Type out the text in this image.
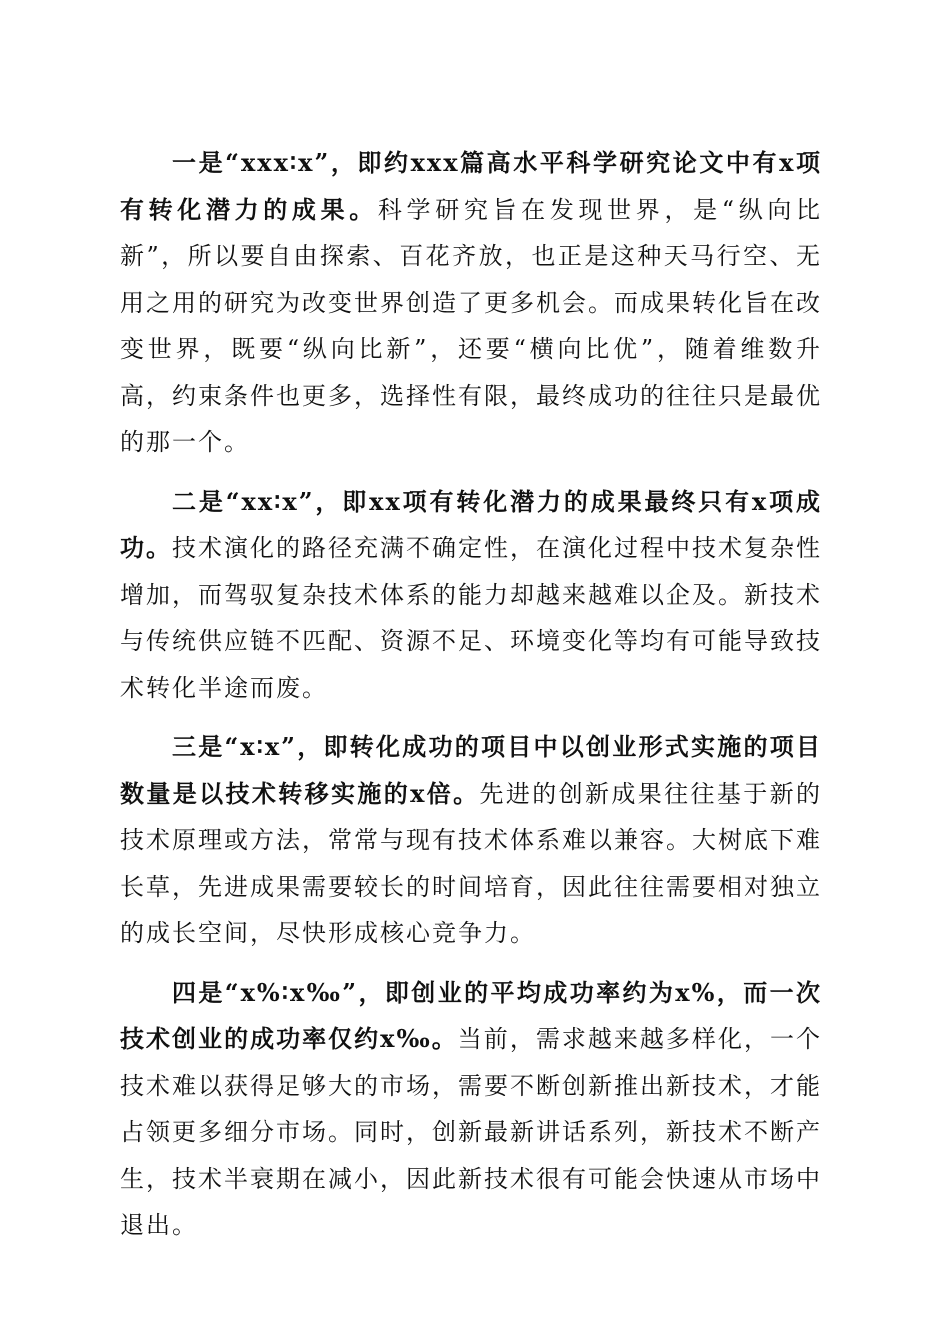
一是“xxx∶x”，即约xxx篇高水平科学研究论文中有x项有转化潜力的成果。科学研究旨在发现世界，是“纵向比新”，所以要自由探索、百花齐放，也正是这种天马行空、无用之用的研究为改变世界创造了更多机会。而成果转化旨在改变世界，既要“纵向比新”，还要“横向比优”，随着维数升高，约束条件也更多，选择性有限，最终成功的往往只是最优的那一个。

二是“xx∶x”，即xx项有转化潜力的成果最终只有x项成功。技术演化的路径充满不确定性，在演化过程中技术复杂性增加，而驾驭复杂技术体系的能力却越来越难以企及。新技术与传统供应链不匹配、资源不足、环境变化等均有可能导致技术转化半途而废。

三是“x∶x”，即转化成功的项目中以创业形式实施的项目数量是以技术转移实施的x倍。先进的创新成果往往基于新的技术原理或方法，常常与现有技术体系难以兼容。大树底下难长草，先进成果需要较长的时间培育，因此往往需要相对独立的成长空间，尽快形成核心竞争力。

四是“x%∶x‰”，即创业的平均成功率约为x%，而一次技术创业的成功率仅约x‰。当前，需求越来越多样化，一个技术难以获得足够大的市场，需要不断创新推出新技术，才能占领更多细分市场。同时，创新最新讲话系列，新技术不断产生，技术半衰期在减小，因此新技术很有可能会快速从市场中退出。
